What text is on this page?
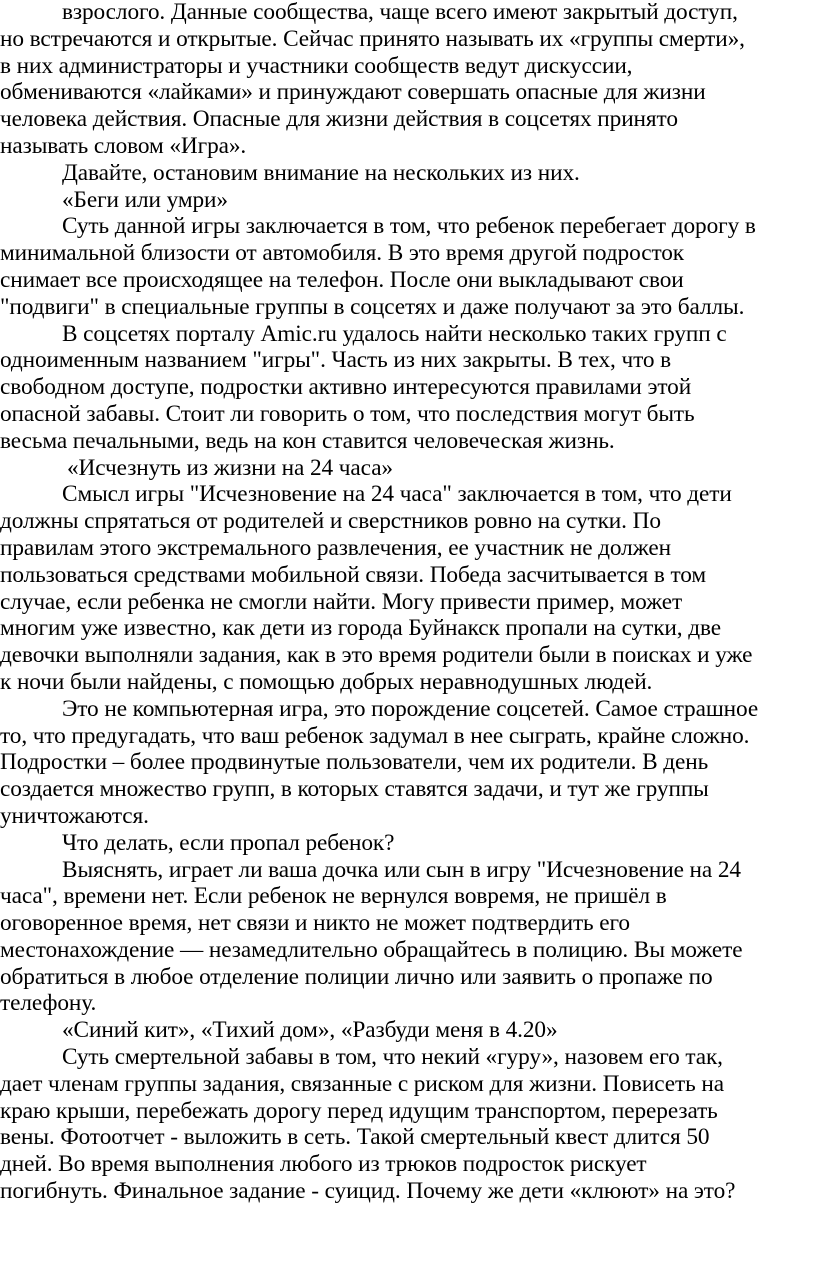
взрослого. Данные сообщества, чаще всего имеют закрытый доступ,
но встречаются и открытые. Сейчас принято называть их «группы смерти»,
в них администраторы и участники сообществ ведут дискуссии,
обмениваются «лайками» и принуждают совершать опасные для жизни
человека действия. Опасные для жизни действия в соцсетях принято
называть словом «Игра».
Давайте, остановим внимание на нескольких из них.
«Беги или умри»
Суть данной игры заключается в том, что ребенок перебегает дорогу в
минимальной близости от автомобиля. В это время другой подросток
снимает все происходящее на телефон. После они выкладывают свои
"подвиги" в специальные группы в соцсетях и даже получают за это баллы.
В соцсетях порталу Amic.ru удалось найти несколько таких групп с
одноименным названием "игры". Часть из них закрыты. В тех, что в
свободном доступе, подростки активно интересуются правилами этой
опасной забавы. Стоит ли говорить о том, что последствия могут быть
весьма печальными, ведь на кон ставится человеческая жизнь.
«Исчезнуть из жизни на 24 часа»
Смысл игры "Исчезновение на 24 часа" заключается в том, что дети
должны спрятаться от родителей и сверстников ровно на сутки. По
правилам этого экстремального развлечения, ее участник не должен
пользоваться средствами мобильной связи. Победа засчитывается в том
случае, если ребенка не смогли найти. Могу привести пример, может
многим уже известно, как дети из города Буйнакск пропали на сутки, две
девочки выполняли задания, как в это время родители были в поисках и уже
к ночи были найдены, с помощью добрых неравнодушных людей.
Это не компьютерная игра, это порождение соцсетей. Самое страшное
то, что предугадать, что ваш ребенок задумал в нее сыграть, крайне сложно.
Подростки – более продвинутые пользователи, чем их родители. В день
создается множество групп, в которых ставятся задачи, и тут же группы
уничтожаются.
Что делать, если пропал ребенок?
Выяснять, играет ли ваша дочка или сын в игру "Исчезновение на 24
часа", времени нет. Если ребенок не вернулся вовремя, не пришёл в
оговоренное время, нет связи и никто не может подтвердить его
местонахождение — незамедлительно обращайтесь в полицию. Вы можете
обратиться в любое отделение полиции лично или заявить о пропаже по
телефону.
«Синий кит», «Тихий дом», «Разбуди меня в 4.20»
Суть смертельной забавы в том, что некий «гуру», назовем его так,
дает членам группы задания, связанные с риском для жизни. Повисеть на
краю крыши, перебежать дорогу перед идущим транспортом, перерезать
вены. Фотоотчет - выложить в сеть. Такой смертельный квест длится 50
дней. Во время выполнения любого из трюков подросток рискует
погибнуть. Финальное задание - суицид. Почему же дети «клюют» на это?
